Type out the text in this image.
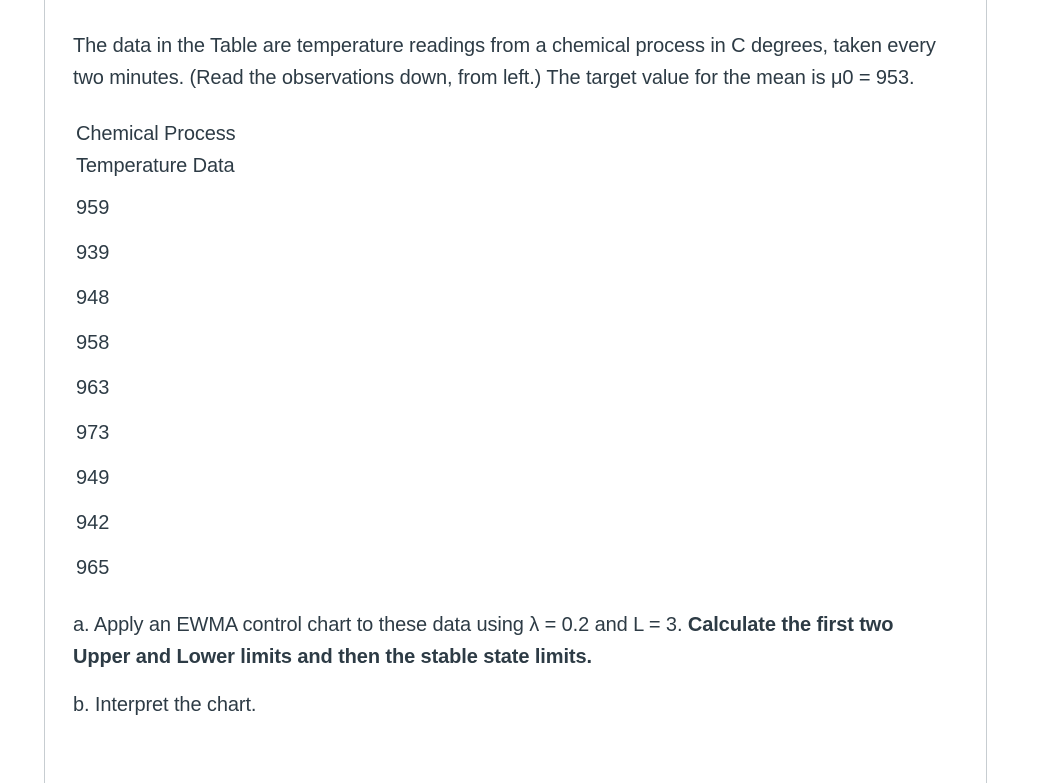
The data in the Table are temperature readings from a chemical process in C degrees, taken every two minutes. (Read the observations down, from left.) The target value for the mean is μ0 = 953.

Chemical Process
Temperature Data
959
939
948
958
963
973
949
942
965

a. Apply an EWMA control chart to these data using λ = 0.2 and L = 3. Calculate the first two Upper and Lower limits and then the stable state limits.

b. Interpret the chart.
